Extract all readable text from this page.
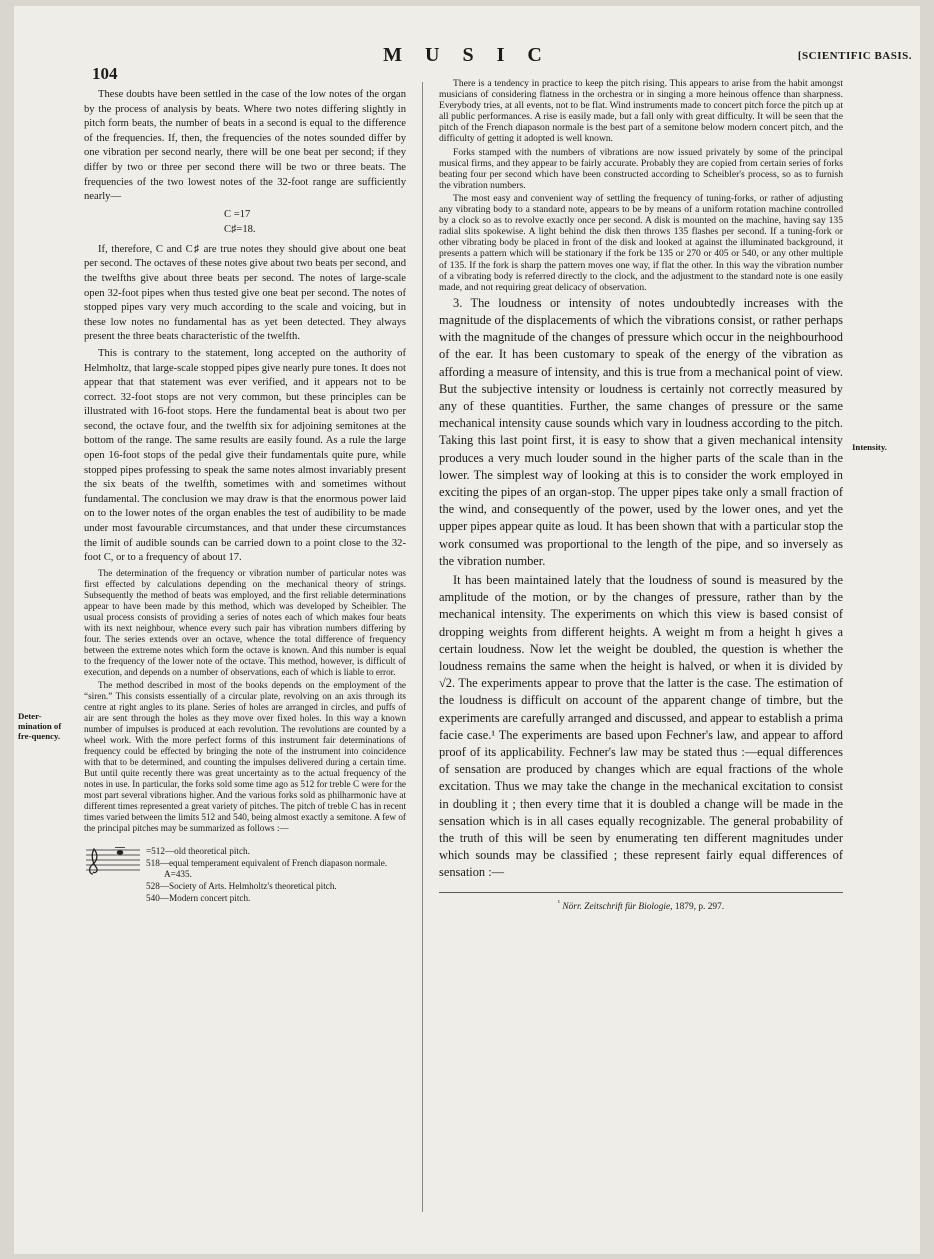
104
M U S I C	[SCIENTIFIC BASIS.
Deter-mination of fre-quency.
Intensity.

These doubts have been settled in the case of the low notes of the organ by the process of analysis by beats. Where two notes differing slightly in pitch form beats, the number of beats in a second is equal to the difference of the frequencies. If, then, the frequencies of the notes sounded differ by one vibration per second nearly, there will be one beat per second; if they differ by two or three per second there will be two or three beats. The frequencies of the two lowest notes of the 32-foot range are sufficiently nearly—

C =17
C♯=18.

If, therefore, C and C♯ are true notes they should give about one beat per second. The octaves of these notes give about two beats per second, and the twelfths give about three beats per second. The notes of large-scale open 32-foot pipes when thus tested give one beat per second. The notes of stopped pipes vary very much according to the scale and voicing, but in these low notes no fundamental has as yet been detected. They always present the three beats characteristic of the twelfth.

This is contrary to the statement, long accepted on the authority of Helmholtz, that large-scale stopped pipes give nearly pure tones. It does not appear that that statement was ever verified, and it appears not to be correct. 32-foot stops are not very common, but these principles can be illustrated with 16-foot stops. Here the fundamental beat is about two per second, the octave four, and the twelfth six for adjoining semitones at the bottom of the range. The same results are easily found. As a rule the large open 16-foot stops of the pedal give their fundamentals quite pure, while stopped pipes professing to speak the same notes almost invariably present the six beats of the twelfth, sometimes with and sometimes without fundamental. The conclusion we may draw is that the enormous power laid on to the lower notes of the organ enables the test of audibility to be made under most favourable circumstances, and that under these circumstances the limit of audible sounds can be carried down to a point close to the 32-foot C, or to a frequency of about 17.

The determination of the frequency or vibration number of particular notes was first effected by calculations depending on the mechanical theory of strings. Subsequently the method of beats was employed, and the first reliable determinations appear to have been made by this method, which was developed by Scheibler. The usual process consists of providing a series of notes each of which makes four beats with its next neighbour, whence every such pair has vibration numbers differing by four. The series extends over an octave, whence the total difference of frequency between the extreme notes which form the octave is known. And this number is equal to the frequency of the lower note of the octave. This method, however, is difficult of execution, and depends on a number of observations, each of which is liable to error.

The method described in most of the books depends on the employment of the “siren.” This consists essentially of a circular plate, revolving on an axis through its centre at right angles to its plane. Series of holes are arranged in circles, and puffs of air are sent through the holes as they move over fixed holes. In this way a known number of impulses is produced at each revolution. The revolutions are counted by a wheel work. With the more perfect forms of this instrument fair determinations of frequency could be effected by bringing the note of the instrument into coincidence with that to be determined, and counting the impulses delivered during a certain time. But until quite recently there was great uncertainty as to the actual frequency of the notes in use. In particular, the forks sold some time ago as 512 for treble C were for the most part several vibrations higher. And the various forks sold as philharmonic have at different times represented a great variety of pitches. The pitch of treble C has in recent times varied between the limits 512 and 540, being almost exactly a semitone. A few of the principal pitches may be summarized as follows :—

=512—old theoretical pitch.
518—equal temperament equivalent of French diapason normale. A=435.
528—Society of Arts. Helmholtz's theoretical pitch.
540—Modern concert pitch.

There is a tendency in practice to keep the pitch rising. This appears to arise from the habit amongst musicians of considering flatness in the orchestra or in singing a more heinous offence than sharpness. Everybody tries, at all events, not to be flat. Wind instruments made to concert pitch force the pitch up at all public performances. A rise is easily made, but a fall only with great difficulty. It will be seen that the pitch of the French diapason normale is the best part of a semitone below modern concert pitch, and the difficulty of getting it adopted is well known.

Forks stamped with the numbers of vibrations are now issued privately by some of the principal musical firms, and they appear to be fairly accurate. Probably they are copied from certain series of forks beating four per second which have been constructed according to Scheibler's process, so as to furnish the vibration numbers.

The most easy and convenient way of settling the frequency of tuning-forks, or rather of adjusting any vibrating body to a standard note, appears to be by means of a uniform rotation machine controlled by a clock so as to revolve exactly once per second. A disk is mounted on the machine, having say 135 radial slits spokewise. A light behind the disk then throws 135 flashes per second. If a tuning-fork or other vibrating body be placed in front of the disk and looked at against the illuminated background, it presents a pattern which will be stationary if the fork be 135 or 270 or 405 or 540, or any other multiple of 135. If the fork is sharp the pattern moves one way, if flat the other. In this way the vibration number of a vibrating body is referred directly to the clock, and the adjustment to the standard note is one easily made, and not requiring great delicacy of observation.

3. The loudness or intensity of notes undoubtedly increases with the magnitude of the displacements of which the vibrations consist, or rather perhaps with the magnitude of the changes of pressure which occur in the neighbourhood of the ear. It has been customary to speak of the energy of the vibration as affording a measure of intensity, and this is true from a mechanical point of view. But the subjective intensity or loudness is certainly not correctly measured by any of these quantities. Further, the same changes of pressure or the same mechanical intensity cause sounds which vary in loudness according to the pitch. Taking this last point first, it is easy to show that a given mechanical intensity produces a very much louder sound in the higher parts of the scale than in the lower. The simplest way of looking at this is to consider the work employed in exciting the pipes of an organ-stop. The upper pipes take only a small fraction of the wind, and consequently of the power, used by the lower ones, and yet the upper pipes appear quite as loud. It has been shown that with a particular stop the work consumed was proportional to the length of the pipe, and so inversely as the vibration number.

It has been maintained lately that the loudness of sound is measured by the amplitude of the motion, or by the changes of pressure, rather than by the mechanical intensity. The experiments on which this view is based consist of dropping weights from different heights. A weight m from a height h gives a certain loudness. Now let the weight be doubled, the question is whether the loudness remains the same when the height is halved, or when it is divided by √2. The experiments appear to prove that the latter is the case. The estimation of the loudness is difficult on account of the apparent change of timbre, but the experiments are carefully arranged and discussed, and appear to establish a prima facie case.¹ The experiments are based upon Fechner's law, and appear to afford proof of its applicability. Fechner's law may be stated thus :—equal differences of sensation are produced by changes which are equal fractions of the whole excitation. Thus we may take the change in the mechanical excitation to consist in doubling it ; then every time that it is doubled a change will be made in the sensation which is in all cases equally recognizable. The general probability of the truth of this will be seen by enumerating ten different magnitudes under which sounds may be classified ; these represent fairly equal differences of sensation :—

$^{^1}$ Nörr. Zeitschrift für Biologie, 1879, p. 297.
